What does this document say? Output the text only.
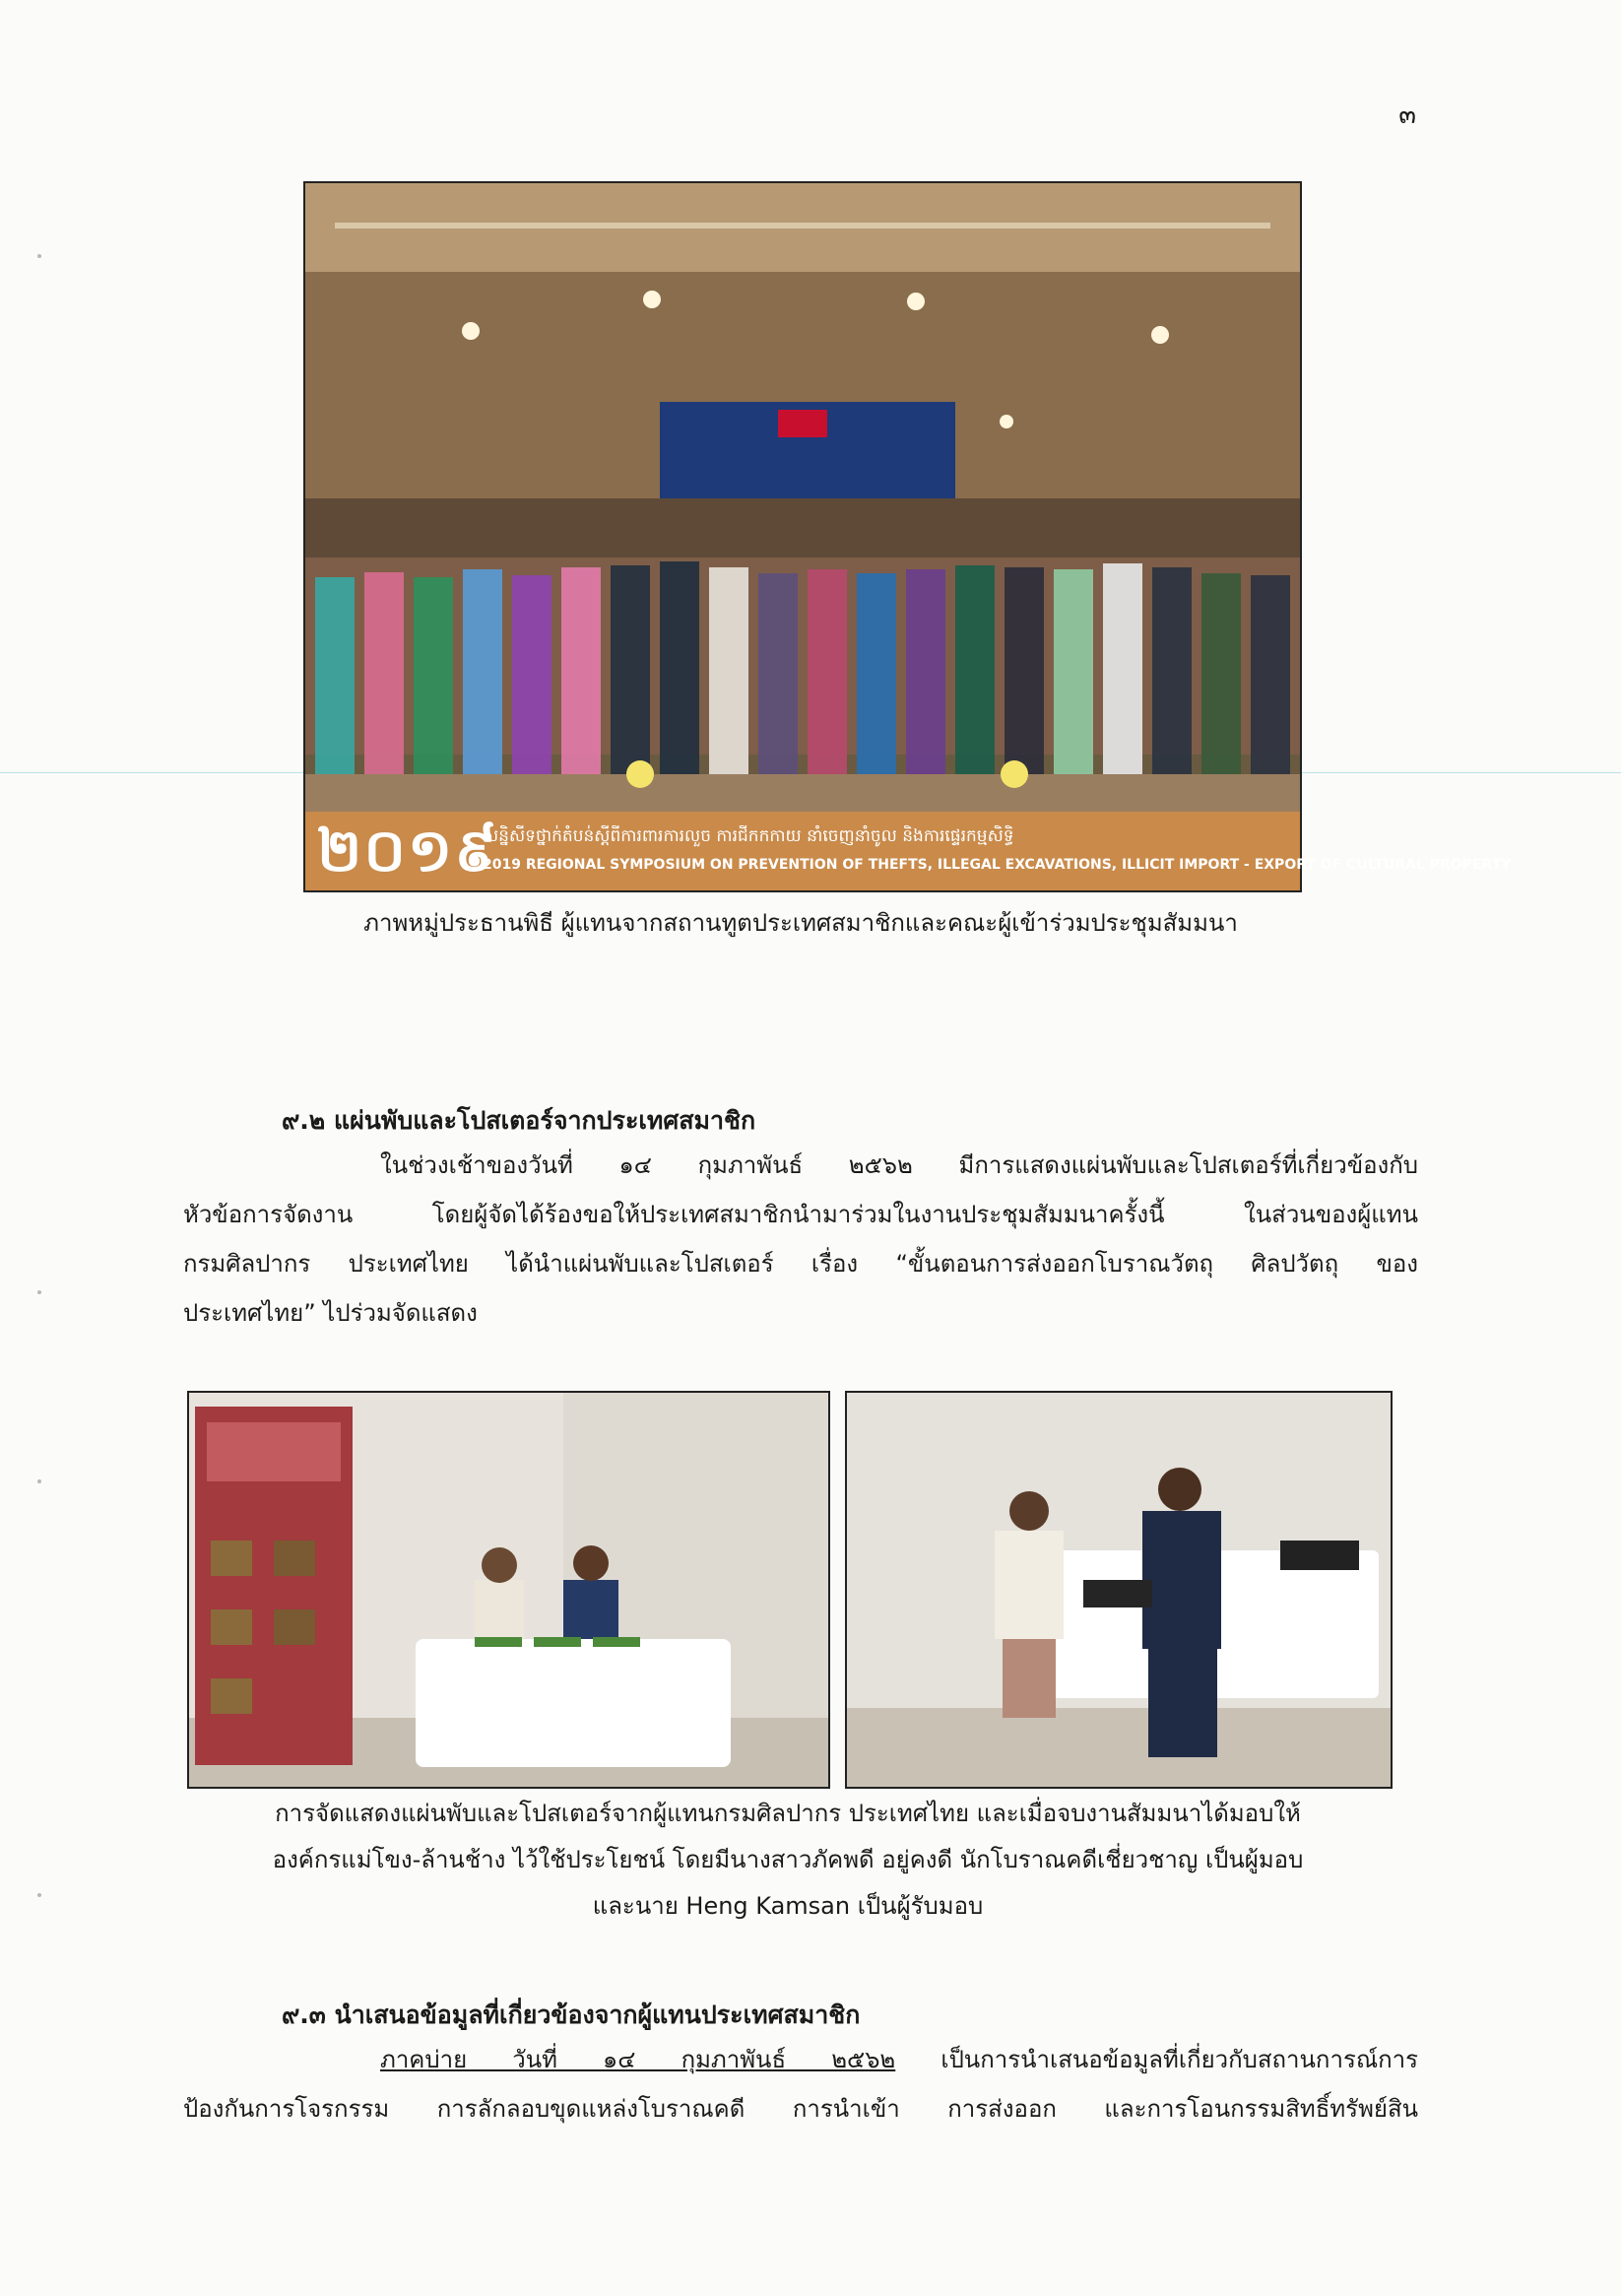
๓
២០១៩
សន្និសីទថ្នាក់តំបន់ស្តីពីការពារការលួច ការជីកកកាយ នាំចេញនាំចូល និងការផ្ទេរកម្មសិទ្ធិ
2019 REGIONAL SYMPOSIUM ON PREVENTION OF THEFTS, ILLEGAL EXCAVATIONS, ILLICIT IMPORT - EXPORT OF CULTURAL PROPERTY
ภาพหมู่ประธานพิธี ผู้แทนจากสถานทูตประเทศสมาชิกและคณะผู้เข้าร่วมประชุมสัมมนา
๙.๒ แผ่นพับและโปสเตอร์จากประเทศสมาชิก
ในช่วงเช้าของวันที่ ๑๔ กุมภาพันธ์ ๒๕๖๒ มีการแสดงแผ่นพับและโปสเตอร์ที่เกี่ยวข้องกับ
หัวข้อการจัดงาน โดยผู้จัดได้ร้องขอให้ประเทศสมาชิกนำมาร่วมในงานประชุมสัมมนาครั้งนี้ ในส่วนของผู้แทน
กรมศิลปากร ประเทศไทย ได้นำแผ่นพับและโปสเตอร์ เรื่อง “ขั้นตอนการส่งออกโบราณวัตถุ ศิลปวัตถุ ของ
ประเทศไทย” ไปร่วมจัดแสดง
การจัดแสดงแผ่นพับและโปสเตอร์จากผู้แทนกรมศิลปากร ประเทศไทย และเมื่อจบงานสัมมนาได้มอบให้
องค์กรแม่โขง-ล้านช้าง ไว้ใช้ประโยชน์ โดยมีนางสาวภัคพดี อยู่คงดี นักโบราณคดีเชี่ยวชาญ เป็นผู้มอบ
และนาย Heng Kamsan เป็นผู้รับมอบ
๙.๓ นำเสนอข้อมูลที่เกี่ยวข้องจากผู้แทนประเทศสมาชิก
ภาคบ่าย วันที่ ๑๔ กุมภาพันธ์ ๒๕๖๒ เป็นการนำเสนอข้อมูลที่เกี่ยวกับสถานการณ์การ
ป้องกันการโจรกรรม การลักลอบขุดแหล่งโบราณคดี การนำเข้า การส่งออก และการโอนกรรมสิทธิ์ทรัพย์สิน
